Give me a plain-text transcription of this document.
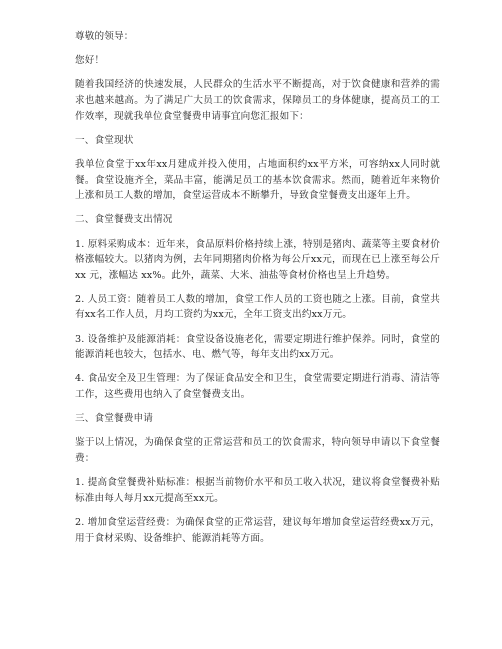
尊敬的领导：

您好！

随着我国经济的快速发展，人民群众的生活水平不断提高，对于饮食健康和营养的需求也越来越高。为了满足广大员工的饮食需求，保障员工的身体健康，提高员工的工作效率，现就我单位食堂餐费申请事宜向您汇报如下：

一、食堂现状

我单位食堂于xx年xx月建成并投入使用，占地面积约xx平方米，可容纳xx人同时就餐。食堂设施齐全，菜品丰富，能满足员工的基本饮食需求。然而，随着近年来物价上涨和员工人数的增加，食堂运营成本不断攀升，导致食堂餐费支出逐年上升。

二、食堂餐费支出情况

1. 原料采购成本：近年来，食品原料价格持续上涨，特别是猪肉、蔬菜等主要食材价格涨幅较大。以猪肉为例，去年同期猪肉价格为每公斤xx元，而现在已上涨至每公斤 xx 元，涨幅达 xx%。此外，蔬菜、大米、油盐等食材价格也呈上升趋势。

2. 人员工资：随着员工人数的增加，食堂工作人员的工资也随之上涨。目前，食堂共有xx名工作人员，月均工资约为xx元，全年工资支出约xx万元。

3. 设备维护及能源消耗：食堂设备设施老化，需要定期进行维护保养。同时，食堂的能源消耗也较大，包括水、电、燃气等，每年支出约xx万元。

4. 食品安全及卫生管理：为了保证食品安全和卫生，食堂需要定期进行消毒、清洁等工作，这些费用也纳入了食堂餐费支出。

三、食堂餐费申请

鉴于以上情况，为确保食堂的正常运营和员工的饮食需求，特向领导申请以下食堂餐费：

1. 提高食堂餐费补贴标准：根据当前物价水平和员工收入状况，建议将食堂餐费补贴标准由每人每月xx元提高至xx元。

2. 增加食堂运营经费：为确保食堂的正常运营，建议每年增加食堂运营经费xx万元，用于食材采购、设备维护、能源消耗等方面。
